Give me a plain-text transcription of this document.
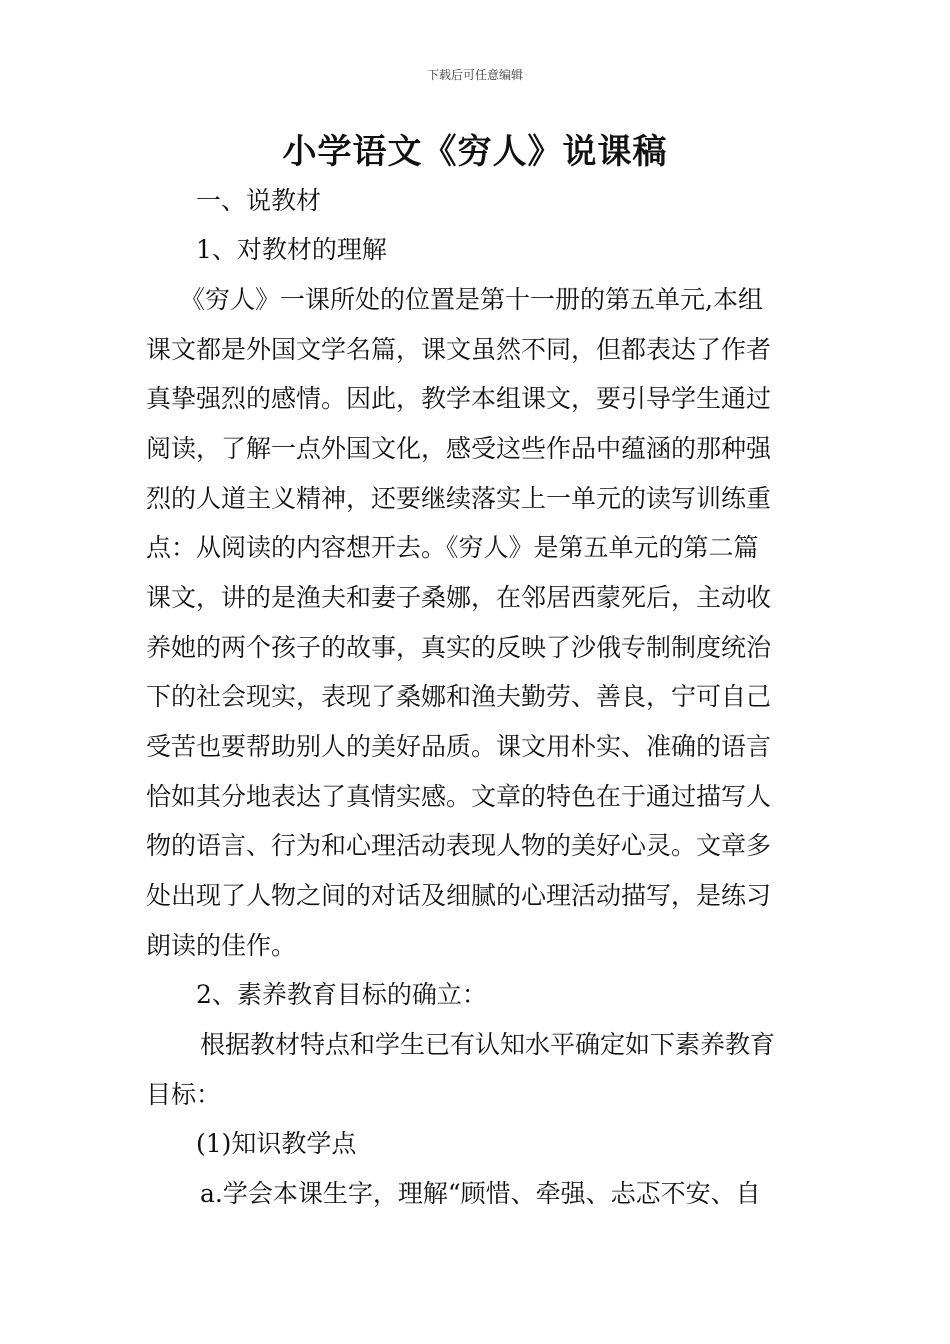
下载后可任意编辑
小学语文《穷人》说课稿
一、说教材
1、对教材的理解
《穷人》一课所处的位置是第十一册的第五单元,本组
课文都是外国文学名篇，课文虽然不同，但都表达了作者
真挚强烈的感情。因此，教学本组课文，要引导学生通过
阅读，了解一点外国文化，感受这些作品中蕴涵的那种强
烈的人道主义精神，还要继续落实上一单元的读写训练重
点：从阅读的内容想开去。《穷人》是第五单元的第二篇
课文，讲的是渔夫和妻子桑娜，在邻居西蒙死后，主动收
养她的两个孩子的故事，真实的反映了沙俄专制制度统治
下的社会现实，表现了桑娜和渔夫勤劳、善良，宁可自己
受苦也要帮助别人的美好品质。课文用朴实、准确的语言
恰如其分地表达了真情实感。文章的特色在于通过描写人
物的语言、行为和心理活动表现人物的美好心灵。文章多
处出现了人物之间的对话及细腻的心理活动描写，是练习
朗读的佳作。
2、素养教育目标的确立：
根据教材特点和学生已有认知水平确定如下素养教育
目标：
(1)知识教学点
a.学会本课生字，理解“顾惜、牵强、忐忑不安、自
